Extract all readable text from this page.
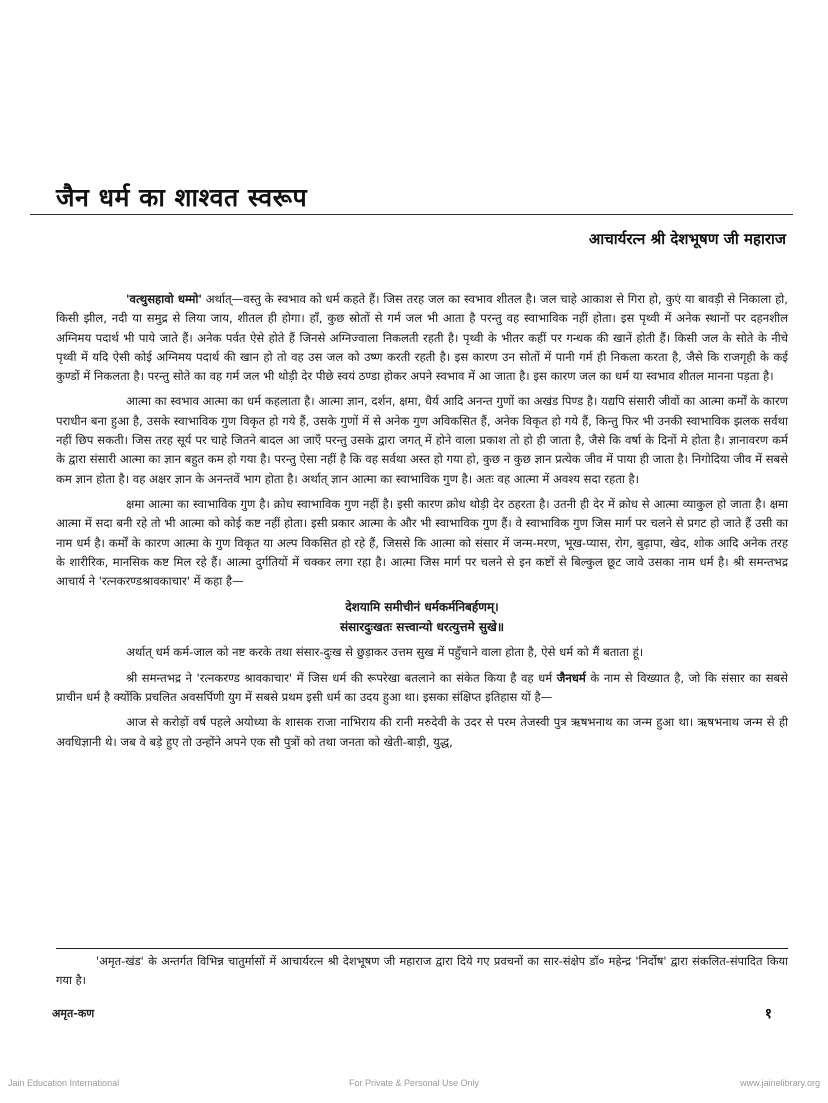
जैन धर्म का शाश्वत स्वरूप
आचार्यरत्न श्री देशभूषण जी महाराज

'वत्थुसहावो धम्मो' अर्थात्—वस्तु के स्वभाव को धर्म कहते हैं। जिस तरह जल का स्वभाव शीतल है। जल चाहे आकाश से गिरा हो, कुएं या बावड़ी से निकाला हो, किसी झील, नदी या समुद्र से लिया जाय, शीतल ही होगा। हाँ, कुछ स्रोतों से गर्म जल भी आता है परन्तु वह स्वाभाविक नहीं होता। इस पृथ्वी में अनेक स्थानों पर दहनशील अग्निमय पदार्थ भी पाये जाते हैं। अनेक पर्वत ऐसे होते हैं जिनसे अग्निज्वाला निकलती रहती है। पृथ्वी के भीतर कहीं पर गन्धक की खानें होती हैं। किसी जल के सोते के नीचे पृथ्वी में यदि ऐसी कोई अग्निमय पदार्थ की खान हो तो वह उस जल को उष्ण करती रहती है। इस कारण उन सोतों में पानी गर्म ही निकला करता है, जैसे कि राजगृही के कई कुण्डों में निकलता है। परन्तु सोते का वह गर्म जल भी थोड़ी देर पीछे स्वयं ठण्डा होकर अपने स्वभाव में आ जाता है। इस कारण जल का धर्म या स्वभाव शीतल मानना पड़ता है।

आत्मा का स्वभाव आत्मा का धर्म कहलाता है। आत्मा ज्ञान, दर्शन, क्षमा, धैर्य आदि अनन्त गुणों का अखंड पिण्ड है। यद्यपि संसारी जीवों का आत्मा कर्मों के कारण पराधीन बना हुआ है, उसके स्वाभाविक गुण विकृत हो गये हैं, उसके गुणों में से अनेक गुण अविकसित हैं, अनेक विकृत हो गये हैं, किन्तु फिर भी उनकी स्वाभाविक झलक सर्वथा नहीं छिप सकती। जिस तरह सूर्य पर चाहे जितने बादल आ जाएँ परन्तु उसके द्वारा जगत् में होने वाला प्रकाश तो हो ही जाता है, जैसे कि वर्षा के दिनों मे होता है। ज्ञानावरण कर्म के द्वारा संसारी आत्मा का ज्ञान बहुत कम हो गया है। परन्तु ऐसा नहीं है कि वह सर्वथा अस्त हो गया हो, कुछ न कुछ ज्ञान प्रत्येक जीव में पाया ही जाता है। निगोदिया जीव में सबसे कम ज्ञान होता है। वह अक्षर ज्ञान के अनन्तवें भाग होता है। अर्थात् ज्ञान आत्मा का स्वाभाविक गुण है। अतः वह आत्मा में अवश्य सदा रहता है।

क्षमा आत्मा का स्वाभाविक गुण है। क्रोध स्वाभाविक गुण नहीं है। इसी कारण क्रोध थोड़ी देर ठहरता है। उतनी ही देर में क्रोध से आत्मा व्याकुल हो जाता है। क्षमा आत्मा में सदा बनी रहे तो भी आत्मा को कोई कष्ट नहीं होता। इसी प्रकार आत्मा के और भी स्वाभाविक गुण हैं। वे स्वाभाविक गुण जिस मार्ग पर चलने से प्रगट हो जाते हैं उसी का नाम धर्म है। कर्मों के कारण आत्मा के गुण विकृत या अल्प विकसित हो रहे हैं, जिससे कि आत्मा को संसार में जन्म-मरण, भूख-प्यास, रोग, बुढ़ापा, खेद, शोक आदि अनेक तरह के शारीरिक, मानसिक कष्ट मिल रहे हैं। आत्मा दुर्गतियों में चक्कर लगा रहा है। आत्मा जिस मार्ग पर चलने से इन कष्टों से बिल्कुल छूट जावे उसका नाम धर्म है। श्री समन्तभद्र आचार्य ने 'रत्नकरण्डश्रावकाचार' में कहा है—

देशयामि समीचीनं धर्मकर्मनिबर्हणम्।
संसारदुःखतः सत्त्वान्यो धरत्युत्तमे सुखे॥

अर्थात् धर्म कर्म-जाल को नष्ट करके तथा संसार-दुःख से छुड़ाकर उत्तम सुख में पहुँचाने वाला होता है, ऐसे धर्म को मैं बताता हूं।

श्री समन्तभद्र ने 'रत्नकरण्ड श्रावकाचार' में जिस धर्म की रूपरेखा बतलाने का संकेत किया है वह धर्म जैनधर्म के नाम से विख्यात है, जो कि संसार का सबसे प्राचीन धर्म है क्योंकि प्रचलित अवसर्पिणी युग में सबसे प्रथम इसी धर्म का उदय हुआ था। इसका संक्षिप्त इतिहास यों है—

आज से करोड़ों वर्ष पहले अयोध्या के शासक राजा नाभिराय की रानी मरुदेवी के उदर से परम तेजस्वी पुत्र ऋषभनाथ का जन्म हुआ था। ऋषभनाथ जन्म से ही अवधिज्ञानी थे। जब वे बड़े हुए तो उन्होंने अपने एक सौ पुत्रों को तथा जनता को खेती-बाड़ी, युद्ध,

'अमृत-खंड' के अन्तर्गत विभिन्न चातुर्मासों में आचार्यरत्न श्री देशभूषण जी महाराज द्वारा दिये गए प्रवचनों का सार-संक्षेप डॉ० महेन्द्र 'निर्दोष' द्वारा संकलित-संपादित किया गया है।

अमृत-कण	१
Jain Education International	For Private & Personal Use Only	www.jainelibrary.org
